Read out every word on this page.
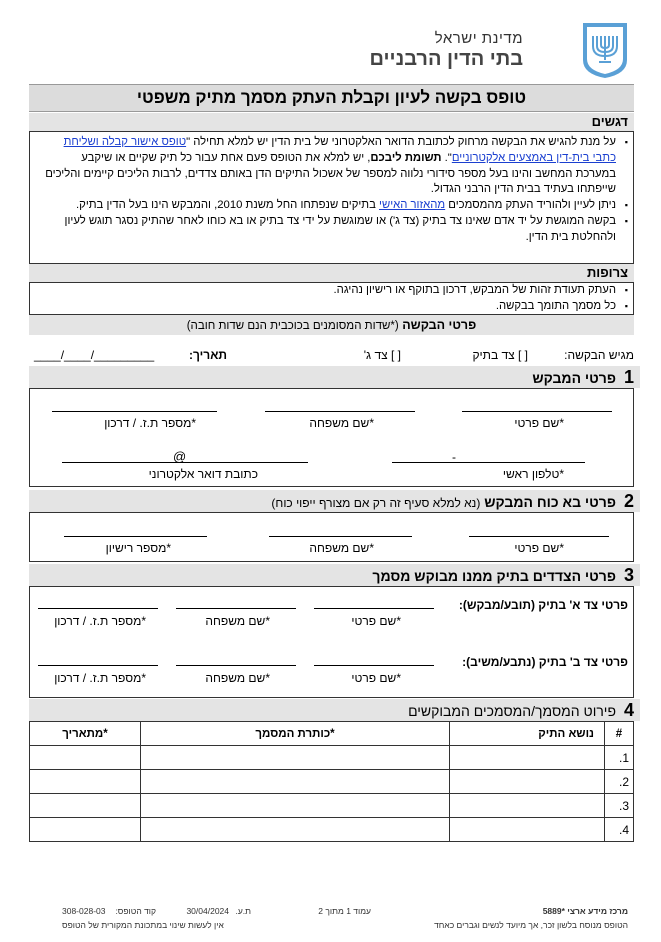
מדינת ישראל
בתי הדין הרבניים
טופס בקשה לעיון וקבלת העתק מסמך מתיק משפטי
דגשים
▪ על מנת להגיש את הבקשה מרחוק לכתובת הדואר האלקטרוני של בית הדין יש למלא תחילה "טופס אישור קבלה ושליחת כתבי בית-דין באמצעים אלקטרוניים". תשומת ליבכם, יש למלא את הטופס פעם אחת עבור כל תיק שקיים או שיקבע במערכת המחשב והינו בעל מספר סידורי נלווה למספר של אשכול התיקים הדן באותם צדדים, לרבות הליכים קיימים והליכים שייפתחו בעתיד בבית הדין הרבני הגדול.
▪ ניתן לעיין ולהוריד העתק מהמסמכים מהאזור האישי בתיקים שנפתחו החל משנת 2010, והמבקש הינו בעל הדין בתיק.
▪ בקשה המוגשת על יד אדם שאינו צד בתיק (צד ג') או שמוגשת על ידי צד בתיק או בא כוחו לאחר שהתיק נסגר תוגש לעיון ולהחלטת בית הדין.
צרופות
▪ העתק תעודת זהות של המבקש, דרכון בתוקף או רישיון נהיגה.
▪ כל מסמך התומך בבקשה.
פרטי הבקשה (*שדות המסומנים בכוכבית הנם שדות חובה)
מגיש הבקשה:
[ ] צד בתיק
[ ] צד ג'
תאריך:
_________/____/____
1פרטי המבקש
*שם פרטי
*שם משפחה
*מספר ת.ז. / דרכון
-
@
*טלפון ראשי
כתובת דואר אלקטרוני
2פרטי בא כוח המבקש (נא למלא סעיף זה רק אם מצורף ייפוי כוח)
*שם פרטי
*שם משפחה
*מספר רישיון
3פרטי הצדדים בתיק ממנו מבוקש מסמך
פרטי צד א' בתיק (תובע/מבקש):
*שם פרטי
*שם משפחה
*מספר ת.ז. / דרכון
פרטי צד ב' בתיק (נתבע/משיב):
*שם פרטי
*שם משפחה
*מספר ת.ז. / דרכון
4פירוט המסמך/המסמכים המבוקשים
#	נושא התיק	*כותרת המסמך	*מתאריך
1.			
2.			
3.			
4.			
מרכז מידע ארצי *5889
הטופס מנוסח בלשון זכר, אך מיועד לנשים וגברים כאחד
עמוד 1 מתוך 2
ת.ע.
30/04/2024
קוד הטופס:
308-028-03
אין לעשות שינוי במתכונת המקורית של הטופס
